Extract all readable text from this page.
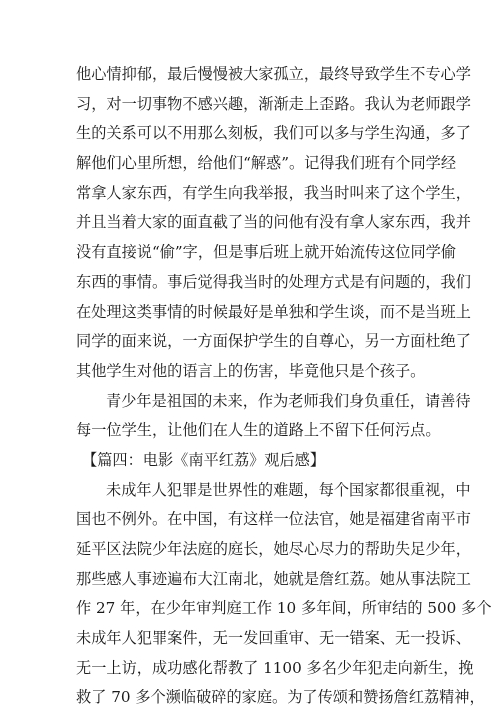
他心情抑郁，最后慢慢被大家孤立，最终导致学生不专心学
习，对一切事物不感兴趣，渐渐走上歪路。我认为老师跟学
生的关系可以不用那么刻板，我们可以多与学生沟通，多了
解他们心里所想，给他们“解惑”。记得我们班有个同学经
常拿人家东西，有学生向我举报，我当时叫来了这个学生，
并且当着大家的面直截了当的问他有没有拿人家东西，我并
没有直接说“偷”字，但是事后班上就开始流传这位同学偷
东西的事情。事后觉得我当时的处理方式是有问题的，我们
在处理这类事情的时候最好是单独和学生谈，而不是当班上
同学的面来说，一方面保护学生的自尊心，另一方面杜绝了
其他学生对他的语言上的伤害，毕竟他只是个孩子。
青少年是祖国的未来，作为老师我们身负重任，请善待
每一位学生，让他们在人生的道路上不留下任何污点。
【篇四：电影《南平红荔》观后感】
未成年人犯罪是世界性的难题，每个国家都很重视，中
国也不例外。在中国，有这样一位法官，她是福建省南平市
延平区法院少年法庭的庭长，她尽心尽力的帮助失足少年，
那些感人事迹遍布大江南北，她就是詹红荔。她从事法院工
作 27 年，在少年审判庭工作 10 多年间，所审结的 500 多个
未成年人犯罪案件，无一发回重审、无一错案、无一投诉、
无一上访，成功感化帮教了 1100 多名少年犯走向新生，挽
救了 70 多个濒临破碎的家庭。为了传颂和赞扬詹红荔精神，
